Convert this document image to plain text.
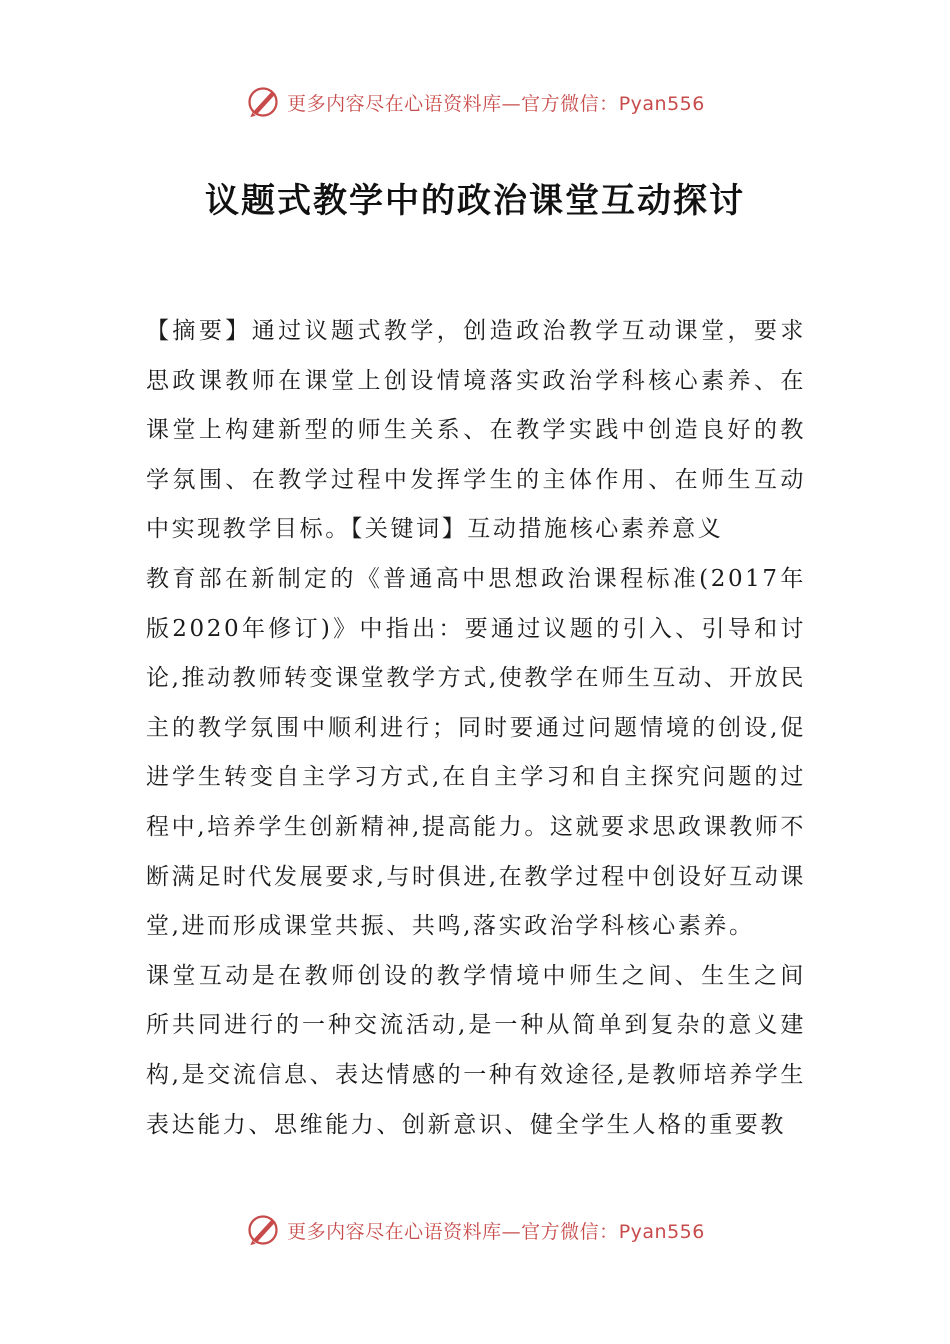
更多内容尽在心语资料库—官方微信：Pyan556
议题式教学中的政治课堂互动探讨

【摘要】通过议题式教学，创造政治教学互动课堂，要求思政课教师在课堂上创设情境落实政治学科核心素养、在课堂上构建新型的师生关系、在教学实践中创造良好的教学氛围、在教学过程中发挥学生的主体作用、在师生互动中实现教学目标。【关键词】互动措施核心素养意义

教育部在新制定的《普通高中思想政治课程标准(2017年版2020年修订)》中指出：要通过议题的引入、引导和讨论,推动教师转变课堂教学方式,使教学在师生互动、开放民主的教学氛围中顺利进行；同时要通过问题情境的创设,促进学生转变自主学习方式,在自主学习和自主探究问题的过程中,培养学生创新精神,提高能力。这就要求思政课教师不断满足时代发展要求,与时俱进,在教学过程中创设好互动课堂,进而形成课堂共振、共鸣,落实政治学科核心素养。

课堂互动是在教师创设的教学情境中师生之间、生生之间所共同进行的一种交流活动,是一种从简单到复杂的意义建构,是交流信息、表达情感的一种有效途径,是教师培养学生表达能力、思维能力、创新意识、健全学生人格的重要教

更多内容尽在心语资料库—官方微信：Pyan556
